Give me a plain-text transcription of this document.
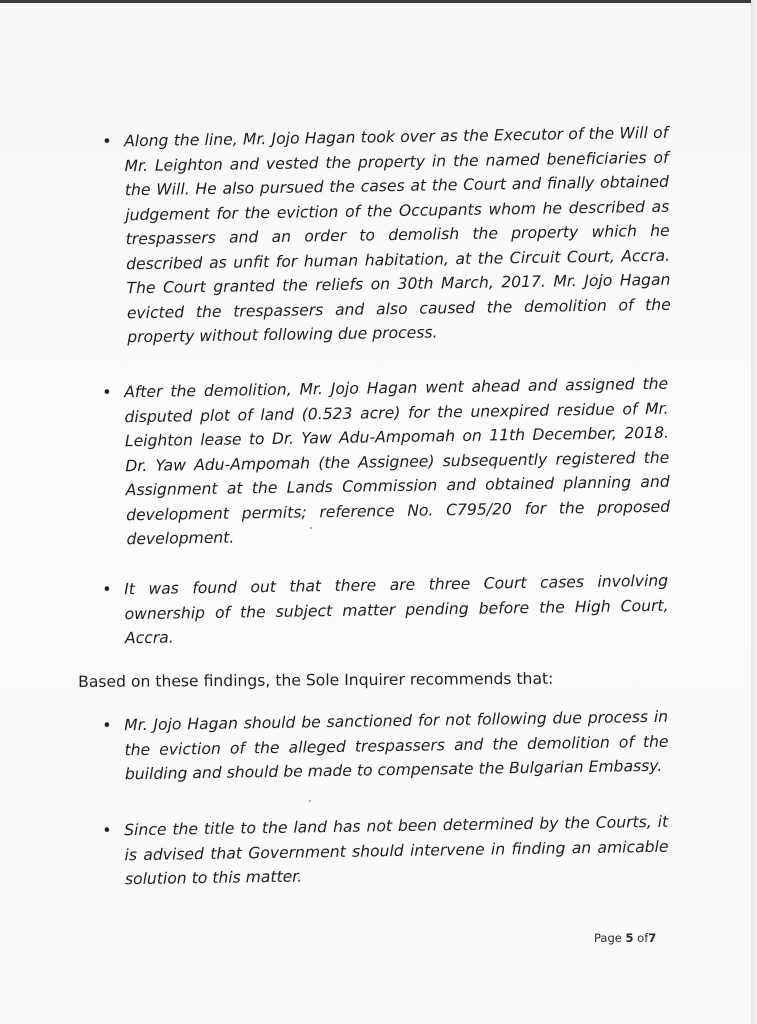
• Along the line, Mr. Jojo Hagan took over as the Executor of the Will of Mr. Leighton and vested the property in the named beneficiaries of the Will. He also pursued the cases at the Court and finally obtained judgement for the eviction of the Occupants whom he described as trespassers and an order to demolish the property which he described as unfit for human habitation, at the Circuit Court, Accra. The Court granted the reliefs on 30th March, 2017. Mr. Jojo Hagan evicted the trespassers and also caused the demolition of the property without following due process.
• After the demolition, Mr. Jojo Hagan went ahead and assigned the disputed plot of land (0.523 acre) for the unexpired residue of Mr. Leighton lease to Dr. Yaw Adu-Ampomah on 11th December, 2018. Dr. Yaw Adu-Ampomah (the Assignee) subsequently registered the Assignment at the Lands Commission and obtained planning and development permits; reference No. C795/20 for the proposed development.
• It was found out that there are three Court cases involving ownership of the subject matter pending before the High Court, Accra.

Based on these findings, the Sole Inquirer recommends that:

• Mr. Jojo Hagan should be sanctioned for not following due process in the eviction of the alleged trespassers and the demolition of the building and should be made to compensate the Bulgarian Embassy.
• Since the title to the land has not been determined by the Courts, it is advised that Government should intervene in finding an amicable solution to this matter.
Page 5 of7
